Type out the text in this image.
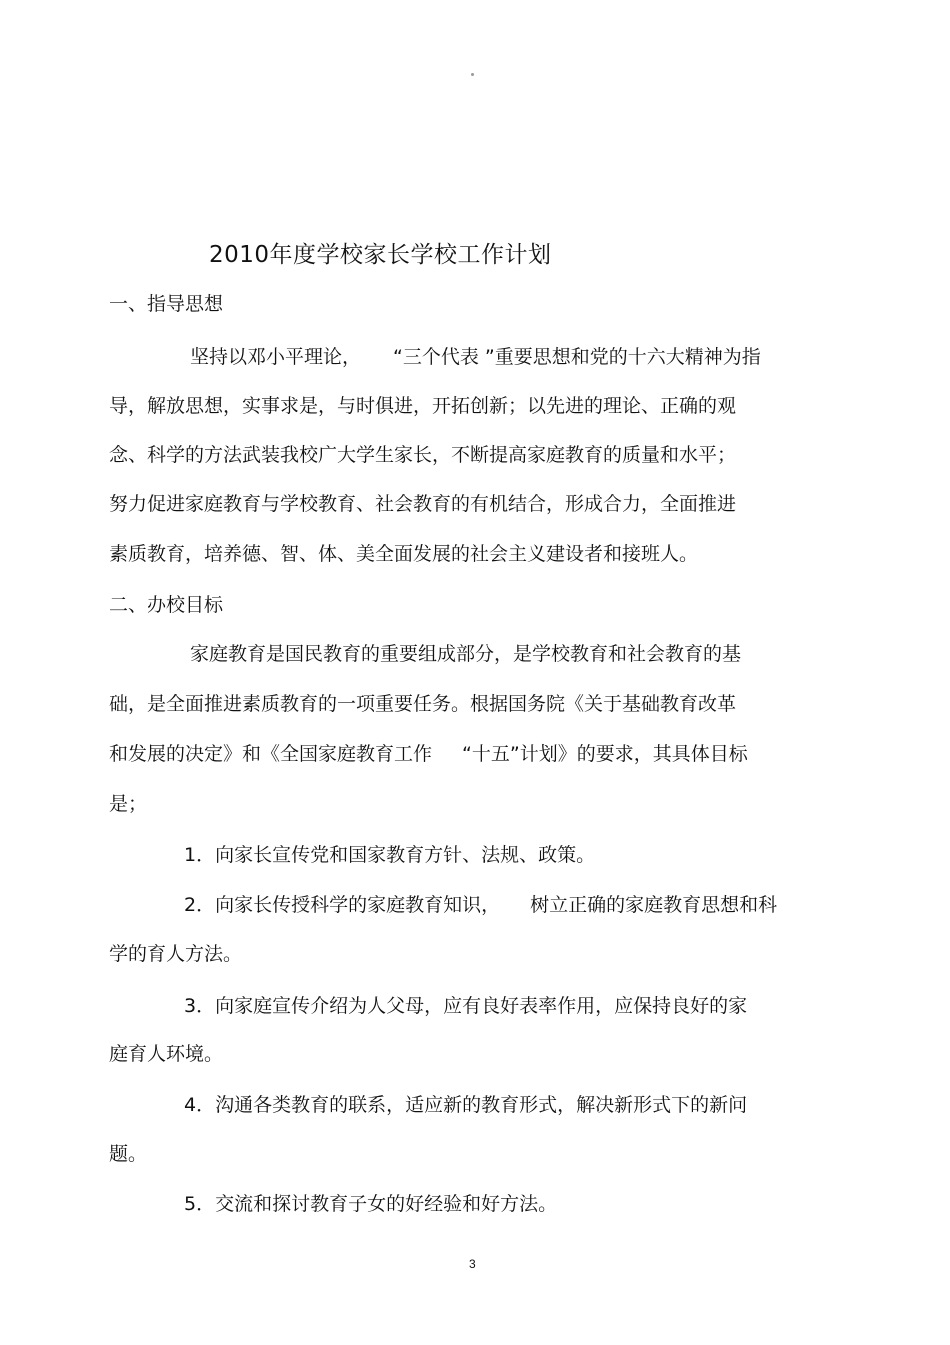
2010年度学校家长学校工作计划
一、指导思想
坚持以邓小平理论， “三个代表 ”重要思想和党的十六大精神为指
导，解放思想，实事求是，与时俱进，开拓创新；以先进的理论、正确的观
念、科学的方法武装我校广大学生家长，不断提高家庭教育的质量和水平；
努力促进家庭教育与学校教育、社会教育的有机结合，形成合力，全面推进
素质教育，培养德、智、体、美全面发展的社会主义建设者和接班人。
二、办校目标
家庭教育是国民教育的重要组成部分，是学校教育和社会教育的基
础，是全面推进素质教育的一项重要任务。根据国务院《关于基础教育改革
和发展的决定》和《全国家庭教育工作 “十五”计划》的要求，其具体目标
是；
1．向家长宣传党和国家教育方针、法规、政策。
2．向家长传授科学的家庭教育知识， 树立正确的家庭教育思想和科
学的育人方法。
3．向家庭宣传介绍为人父母，应有良好表率作用，应保持良好的家
庭育人环境。
4．沟通各类教育的联系，适应新的教育形式，解决新形式下的新问
题。
5．交流和探讨教育子女的好经验和好方法。
3
